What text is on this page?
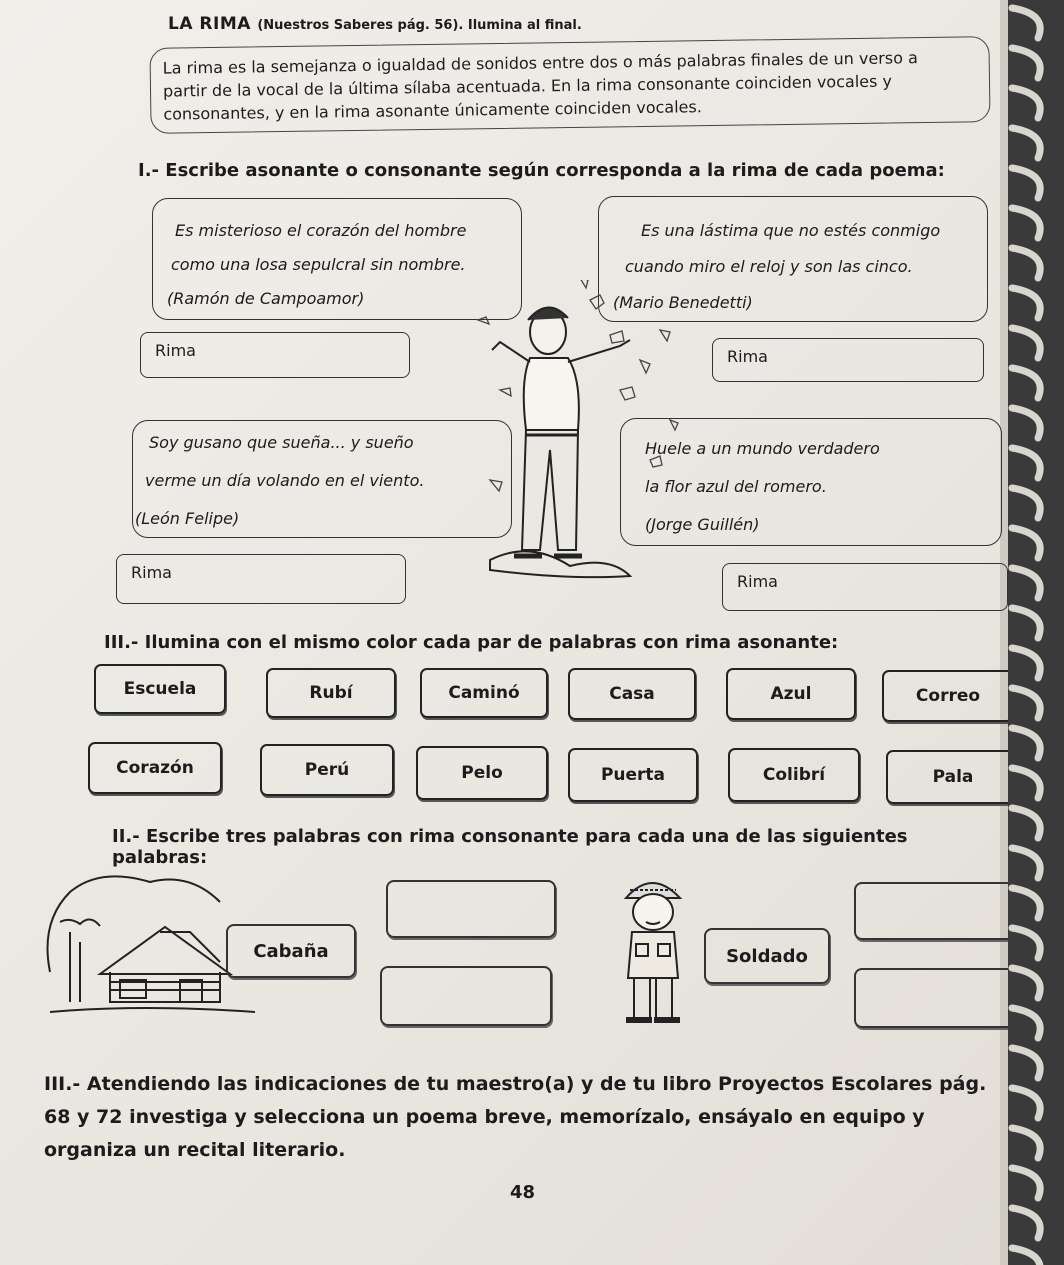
LA RIMA (Nuestros Saberes pág. 56). Ilumina al final.
La rima es la semejanza o igualdad de sonidos entre dos o más palabras finales de un verso a
partir de la vocal de la última sílaba acentuada. En la rima consonante coinciden vocales y
consonantes, y en la rima asonante únicamente coinciden vocales.
I.- Escribe asonante o consonante según corresponda a la rima de cada poema:
Es misterioso el corazón del hombre
como una losa sepulcral sin nombre.
(Ramón de Campoamor)
Rima
Es una lástima que no estés conmigo
cuando miro el reloj y son las cinco.
(Mario Benedetti)
Rima
Soy gusano que sueña... y sueño
verme un día volando en el viento.
(León Felipe)
Rima
Huele a un mundo verdadero
la flor azul del romero.
(Jorge Guillén)
Rima
III.- Ilumina con el mismo color cada par de palabras con rima asonante:
Escuela	Rubí	Caminó	Casa	Azul	Correo
Corazón	Perú	Pelo	Puerta	Colibrí	Pala
II.- Escribe tres palabras con rima consonante para cada una de las siguientes palabras:
Cabaña	Soldado
III.- Atendiendo las indicaciones de tu maestro(a) y de tu libro Proyectos Escolares pág. 68 y 72 investiga y selecciona un poema breve, memorízalo, ensáyalo en equipo y organiza un recital literario.
48
